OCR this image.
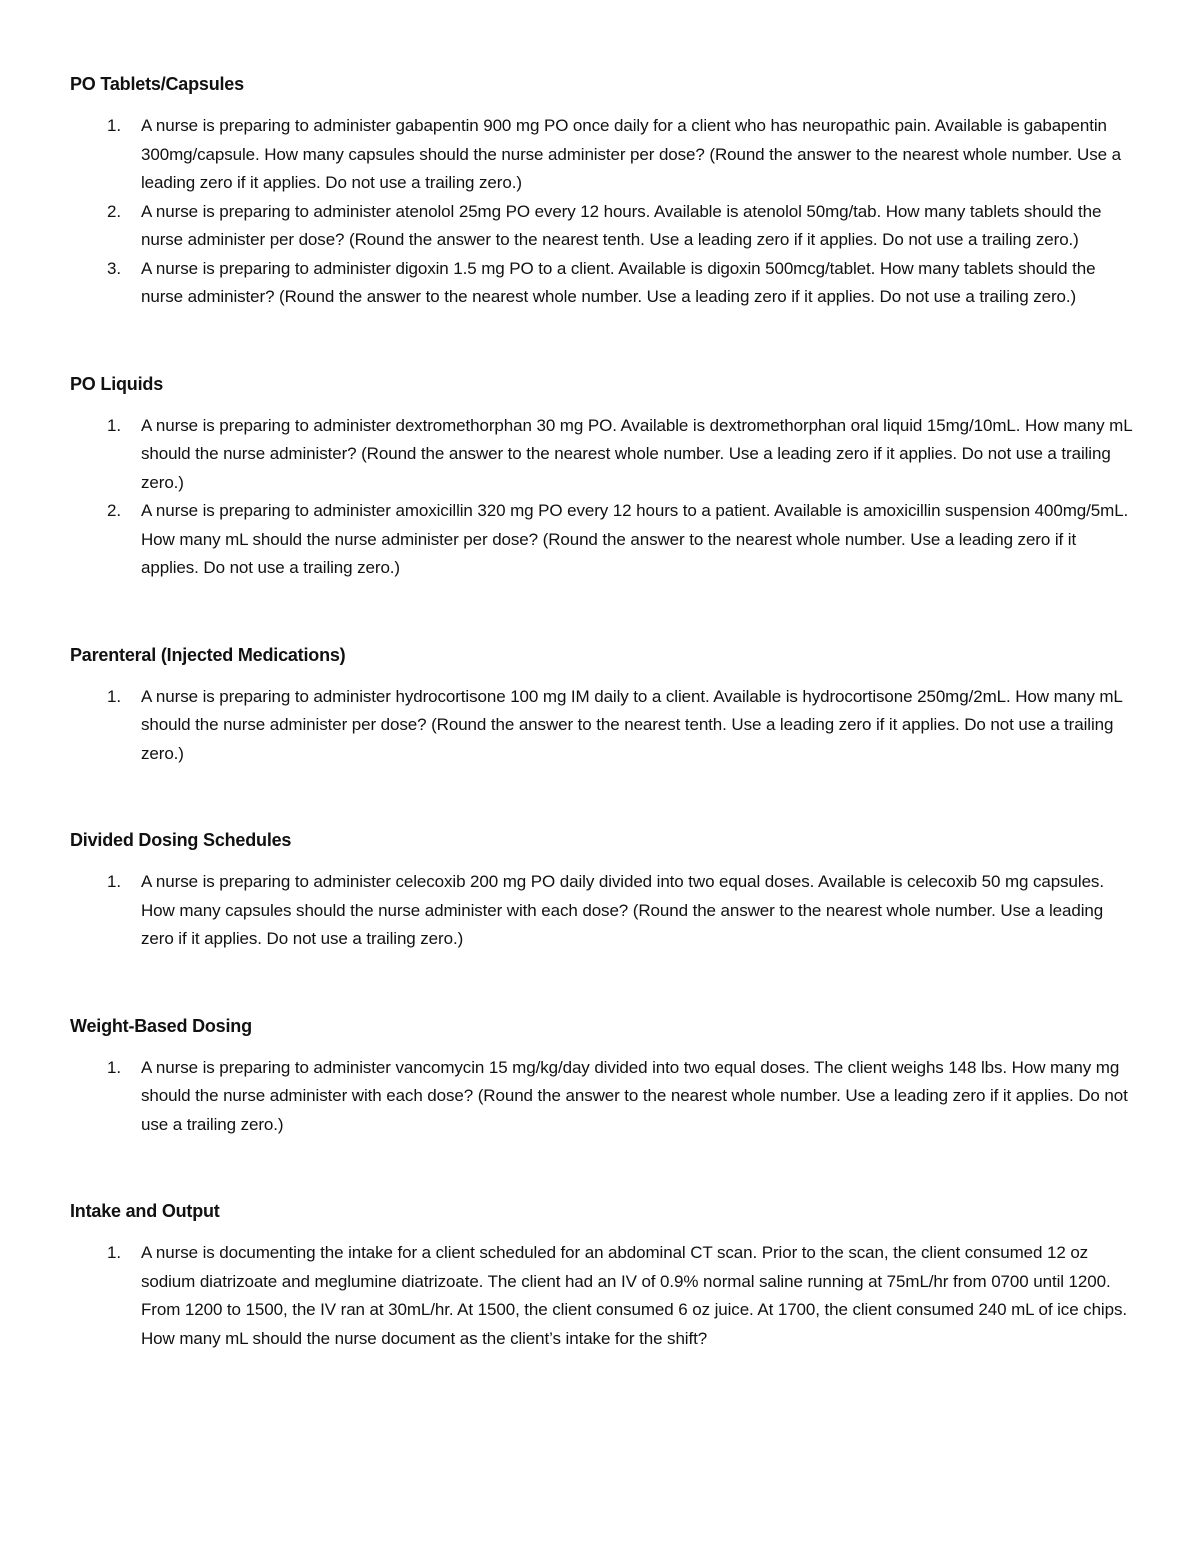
PO Tablets/Capsules
1. A nurse is preparing to administer gabapentin 900 mg PO once daily for a client who has neuropathic pain. Available is gabapentin 300mg/capsule. How many capsules should the nurse administer per dose? (Round the answer to the nearest whole number. Use a leading zero if it applies. Do not use a trailing zero.)
2. A nurse is preparing to administer atenolol 25mg PO every 12 hours. Available is atenolol 50mg/tab. How many tablets should the nurse administer per dose? (Round the answer to the nearest tenth. Use a leading zero if it applies. Do not use a trailing zero.)
3. A nurse is preparing to administer digoxin 1.5 mg PO to a client. Available is digoxin 500mcg/tablet. How many tablets should the nurse administer? (Round the answer to the nearest whole number. Use a leading zero if it applies. Do not use a trailing zero.)
PO Liquids
1. A nurse is preparing to administer dextromethorphan 30 mg PO. Available is dextromethorphan oral liquid 15mg/10mL. How many mL should the nurse administer? (Round the answer to the nearest whole number. Use a leading zero if it applies. Do not use a trailing zero.)
2. A nurse is preparing to administer amoxicillin 320 mg PO every 12 hours to a patient. Available is amoxicillin suspension 400mg/5mL. How many mL should the nurse administer per dose? (Round the answer to the nearest whole number. Use a leading zero if it applies. Do not use a trailing zero.)
Parenteral (Injected Medications)
1. A nurse is preparing to administer hydrocortisone 100 mg IM daily to a client. Available is hydrocortisone 250mg/2mL. How many mL should the nurse administer per dose? (Round the answer to the nearest tenth. Use a leading zero if it applies. Do not use a trailing zero.)
Divided Dosing Schedules
1. A nurse is preparing to administer celecoxib 200 mg PO daily divided into two equal doses. Available is celecoxib 50 mg capsules. How many capsules should the nurse administer with each dose? (Round the answer to the nearest whole number. Use a leading zero if it applies. Do not use a trailing zero.)
Weight-Based Dosing
1. A nurse is preparing to administer vancomycin 15 mg/kg/day divided into two equal doses. The client weighs 148 lbs. How many mg should the nurse administer with each dose? (Round the answer to the nearest whole number. Use a leading zero if it applies. Do not use a trailing zero.)
Intake and Output
1. A nurse is documenting the intake for a client scheduled for an abdominal CT scan. Prior to the scan, the client consumed 12 oz sodium diatrizoate and meglumine diatrizoate. The client had an IV of 0.9% normal saline running at 75mL/hr from 0700 until 1200. From 1200 to 1500, the IV ran at 30mL/hr. At 1500, the client consumed 6 oz juice. At 1700, the client consumed 240 mL of ice chips. How many mL should the nurse document as the client’s intake for the shift?
